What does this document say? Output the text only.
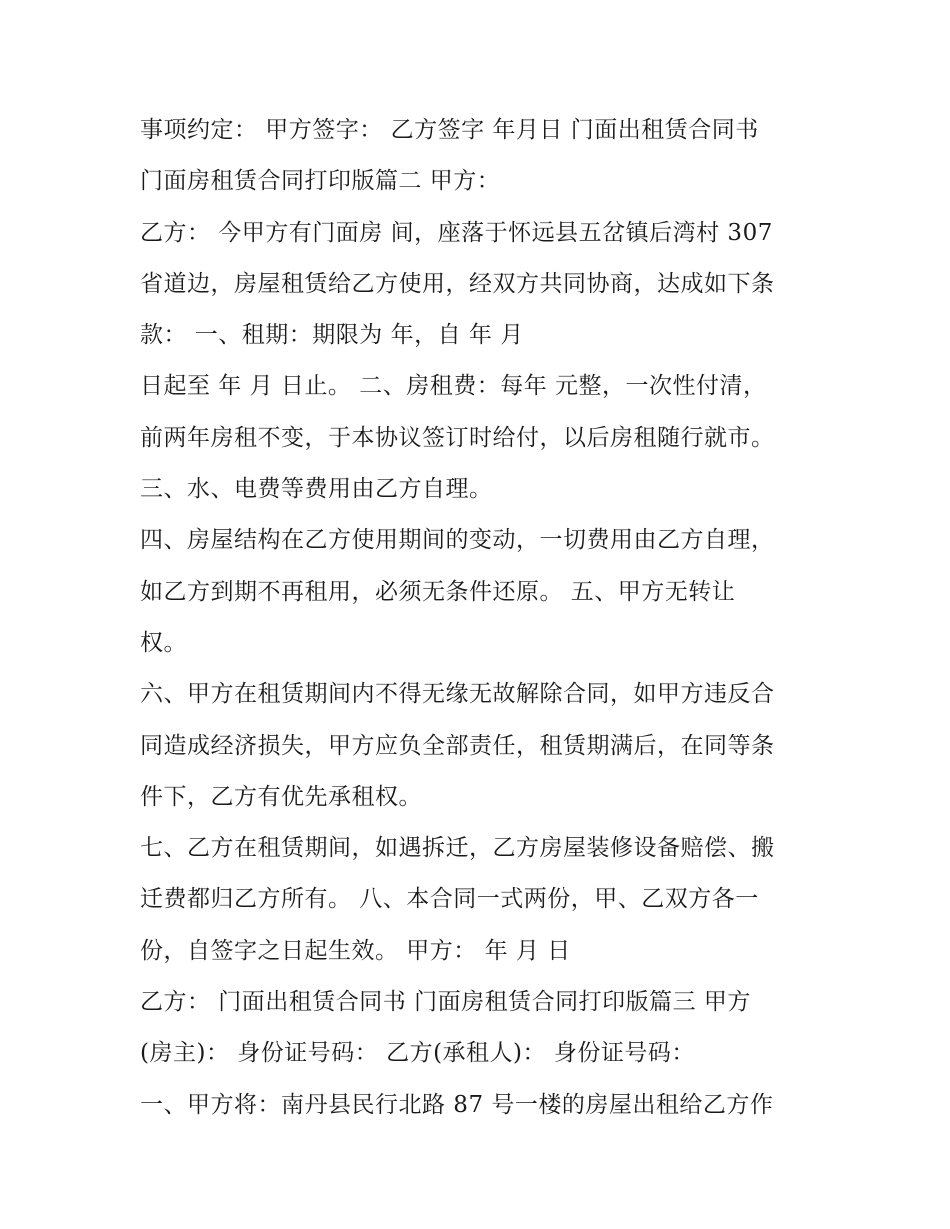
事项约定： 甲方签字： 乙方签字 年月日 门面出租赁合同书
门面房租赁合同打印版篇二 甲方：
乙方： 今甲方有门面房 间，座落于怀远县五岔镇后湾村 307
省道边，房屋租赁给乙方使用，经双方共同协商，达成如下条
款： 一、租期：期限为 年，自 年 月
日起至 年 月 日止。 二、房租费：每年 元整，一次性付清，
前两年房租不变，于本协议签订时给付，以后房租随行就市。
三、水、电费等费用由乙方自理。
四、房屋结构在乙方使用期间的变动，一切费用由乙方自理，
如乙方到期不再租用，必须无条件还原。 五、甲方无转让
权。
六、甲方在租赁期间内不得无缘无故解除合同，如甲方违反合
同造成经济损失，甲方应负全部责任，租赁期满后，在同等条
件下，乙方有优先承租权。
七、乙方在租赁期间，如遇拆迁，乙方房屋装修设备赔偿、搬
迁费都归乙方所有。 八、本合同一式两份，甲、乙双方各一
份，自签字之日起生效。 甲方： 年 月 日
乙方： 门面出租赁合同书 门面房租赁合同打印版篇三 甲方
(房主)： 身份证号码： 乙方(承租人)： 身份证号码：
一、甲方将：南丹县民行北路 87 号一楼的房屋出租给乙方作
